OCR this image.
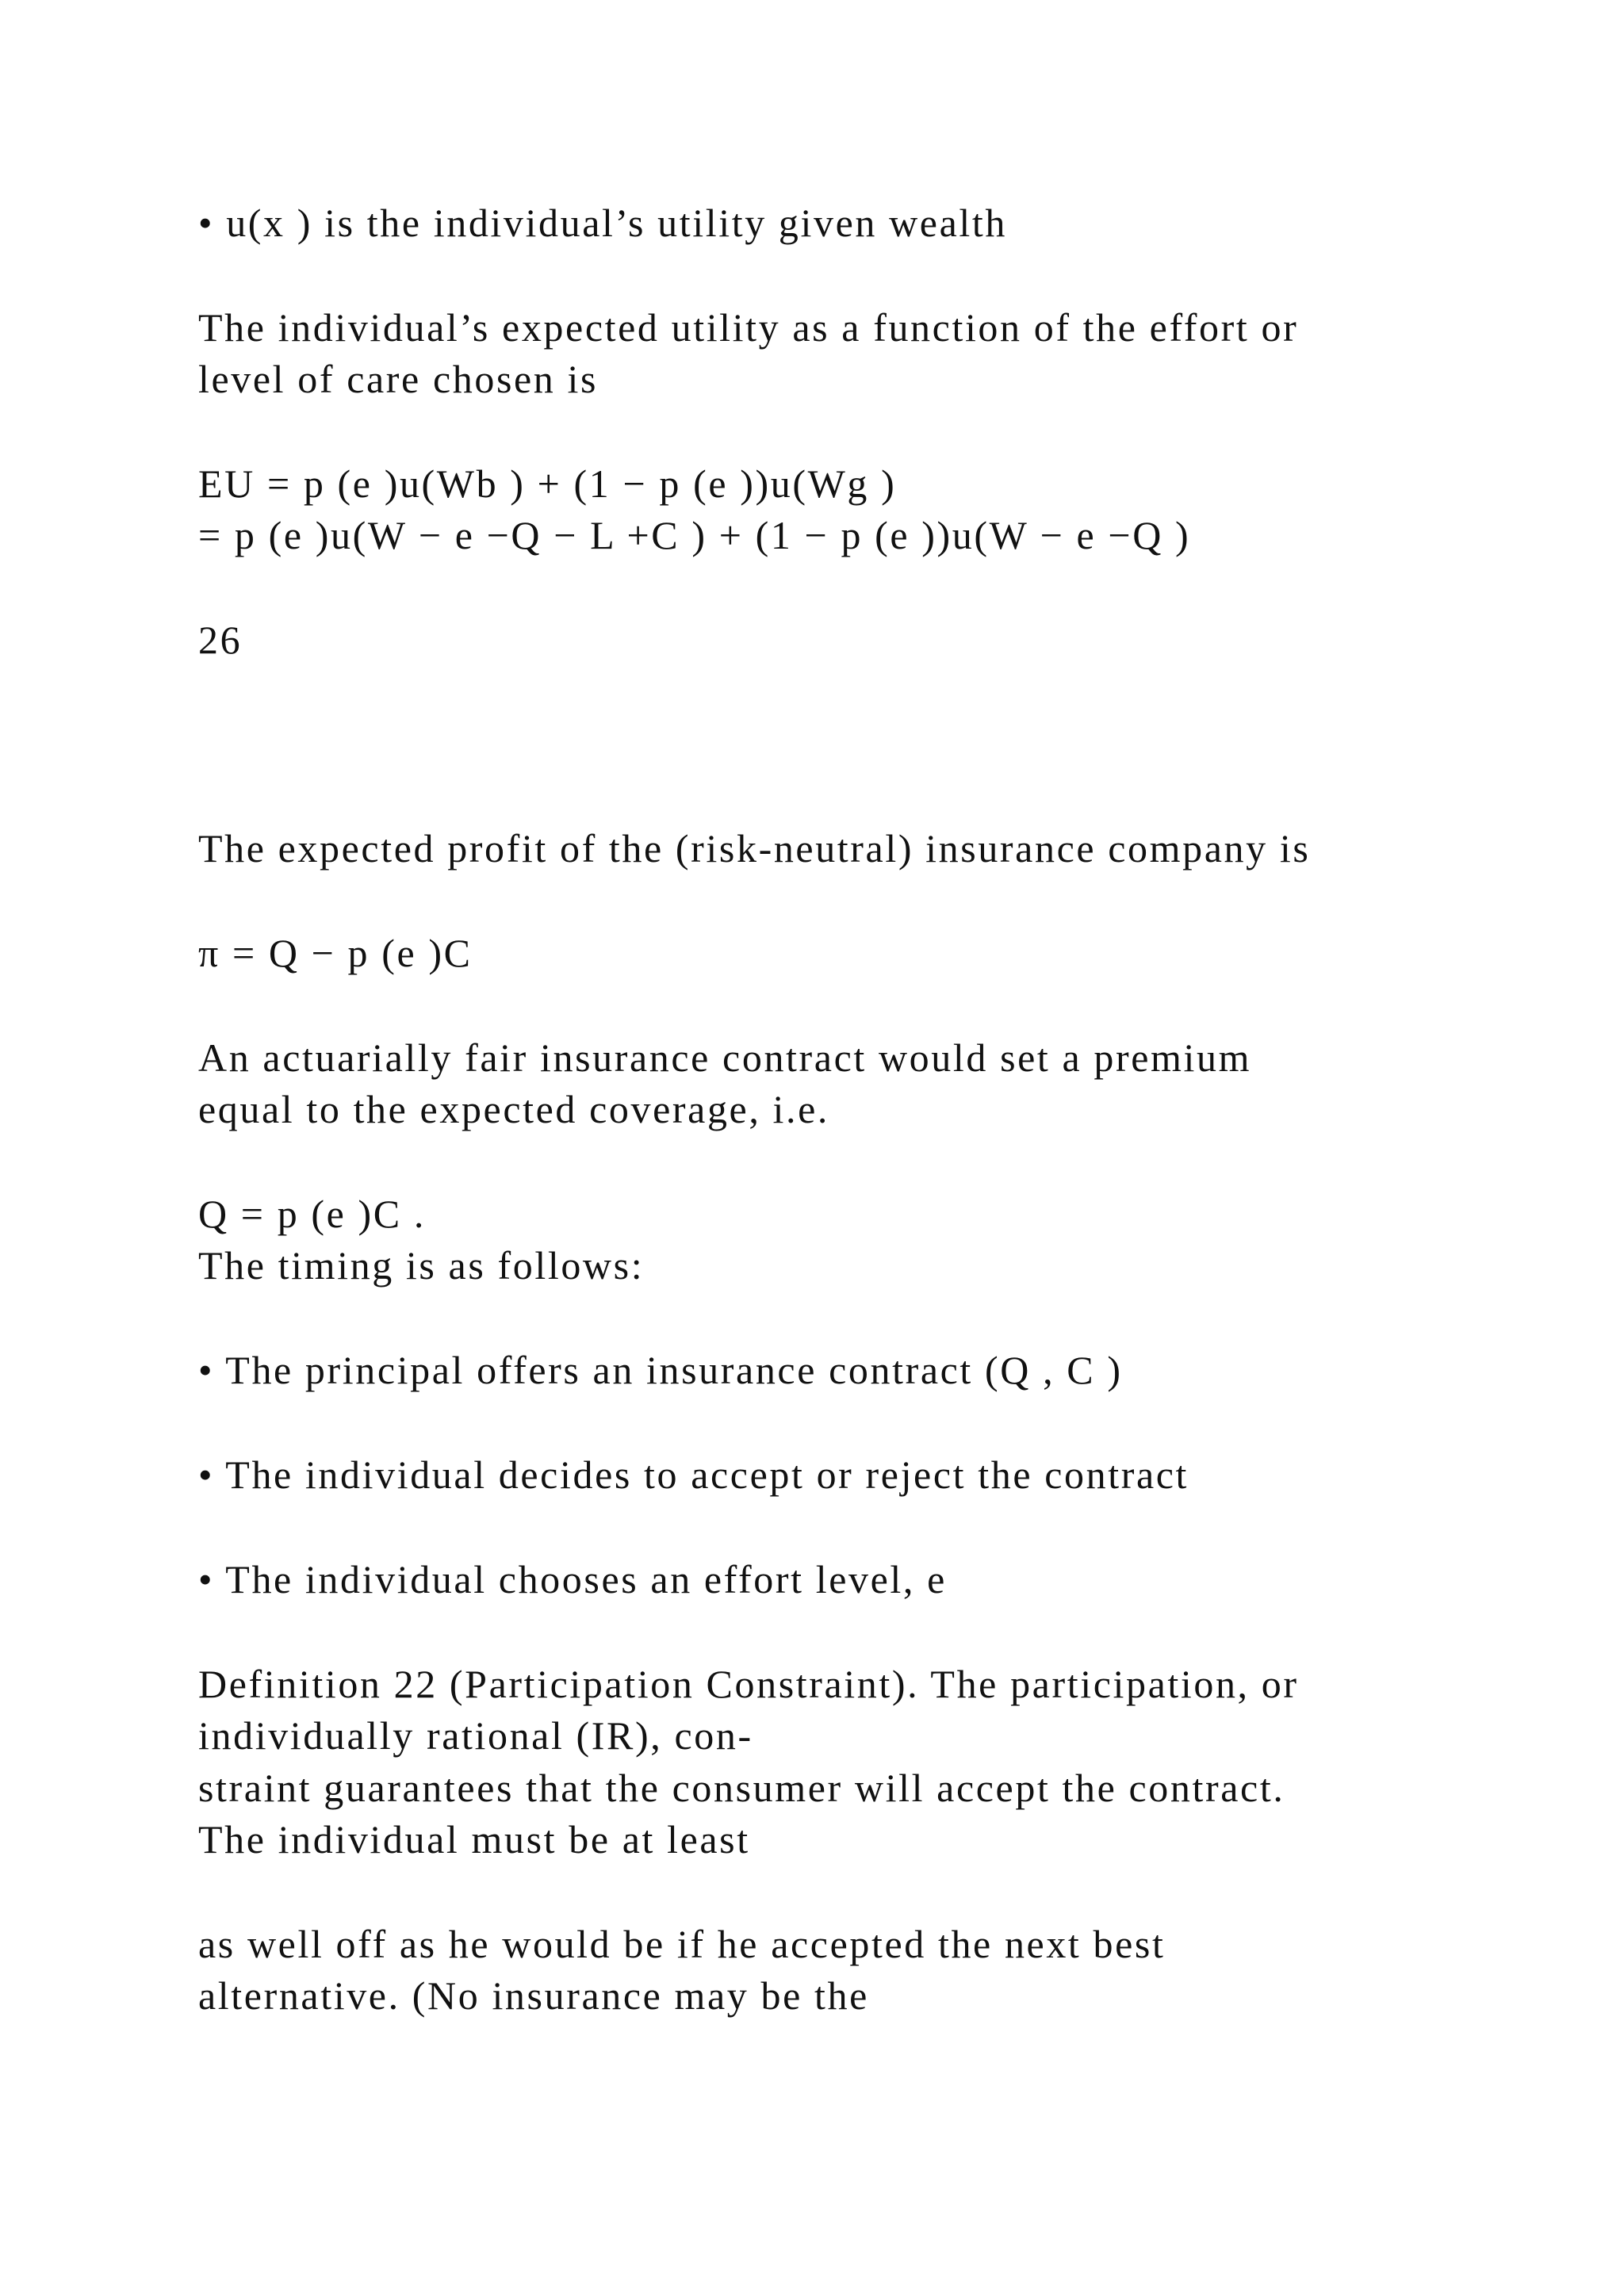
• u(x ) is the individual’s utility given wealth

The individual’s expected utility as a function of the effort or

level of care chosen is

EU = p (e )u(Wb ) + (1 − p (e ))u(Wg )

= p (e )u(W − e −Q − L +C ) + (1 − p (e ))u(W − e −Q )

26

The expected profit of the (risk-neutral) insurance company is

π = Q − p (e )C

An actuarially fair insurance contract would set a premium

equal to the expected coverage, i.e.

Q = p (e )C .

The timing is as follows:

• The principal offers an insurance contract (Q , C )

• The individual decides to accept or reject the contract

• The individual chooses an effort level, e

Definition 22 (Participation Constraint). The participation, or

individually rational (IR), con-

straint guarantees that the consumer will accept the contract.

The individual must be at least

as well off as he would be if he accepted the next best

alternative. (No insurance may be the
